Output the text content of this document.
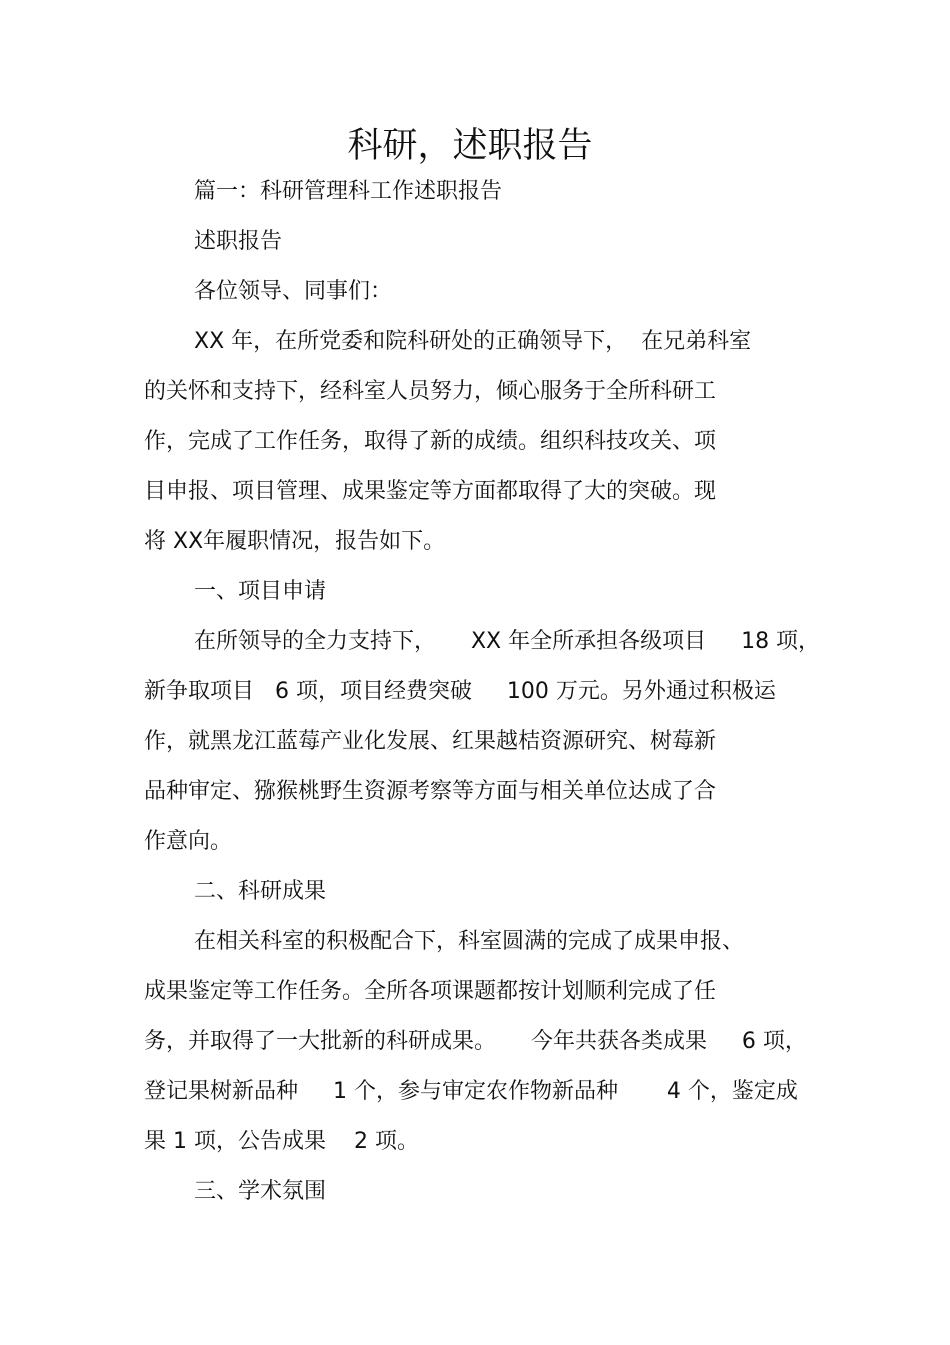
科研，述职报告
篇一：科研管理科工作述职报告
述职报告
各位领导、同事们：
XX 年，在所党委和院科研处的正确领导下，  在兄弟科室
的关怀和支持下，经科室人员努力，倾心服务于全所科研工
作，完成了工作任务，取得了新的成绩。组织科技攻关、项
目申报、项目管理、成果鉴定等方面都取得了大的突破。现
将 XX年履职情况，报告如下。
一、项目申请
在所领导的全力支持下，     XX 年全所承担各级项目     18 项，
新争取项目   6 项，项目经费突破     100 万元。另外通过积极运
作，就黑龙江蓝莓产业化发展、红果越桔资源研究、树莓新
品种审定、猕猴桃野生资源考察等方面与相关单位达成了合
作意向。
二、科研成果
在相关科室的积极配合下，科室圆满的完成了成果申报、
成果鉴定等工作任务。全所各项课题都按计划顺利完成了任
务，并取得了一大批新的科研成果。     今年共获各类成果     6 项，
登记果树新品种     1 个，参与审定农作物新品种       4 个，鉴定成
果 1 项，公告成果    2 项。
三、学术氛围
